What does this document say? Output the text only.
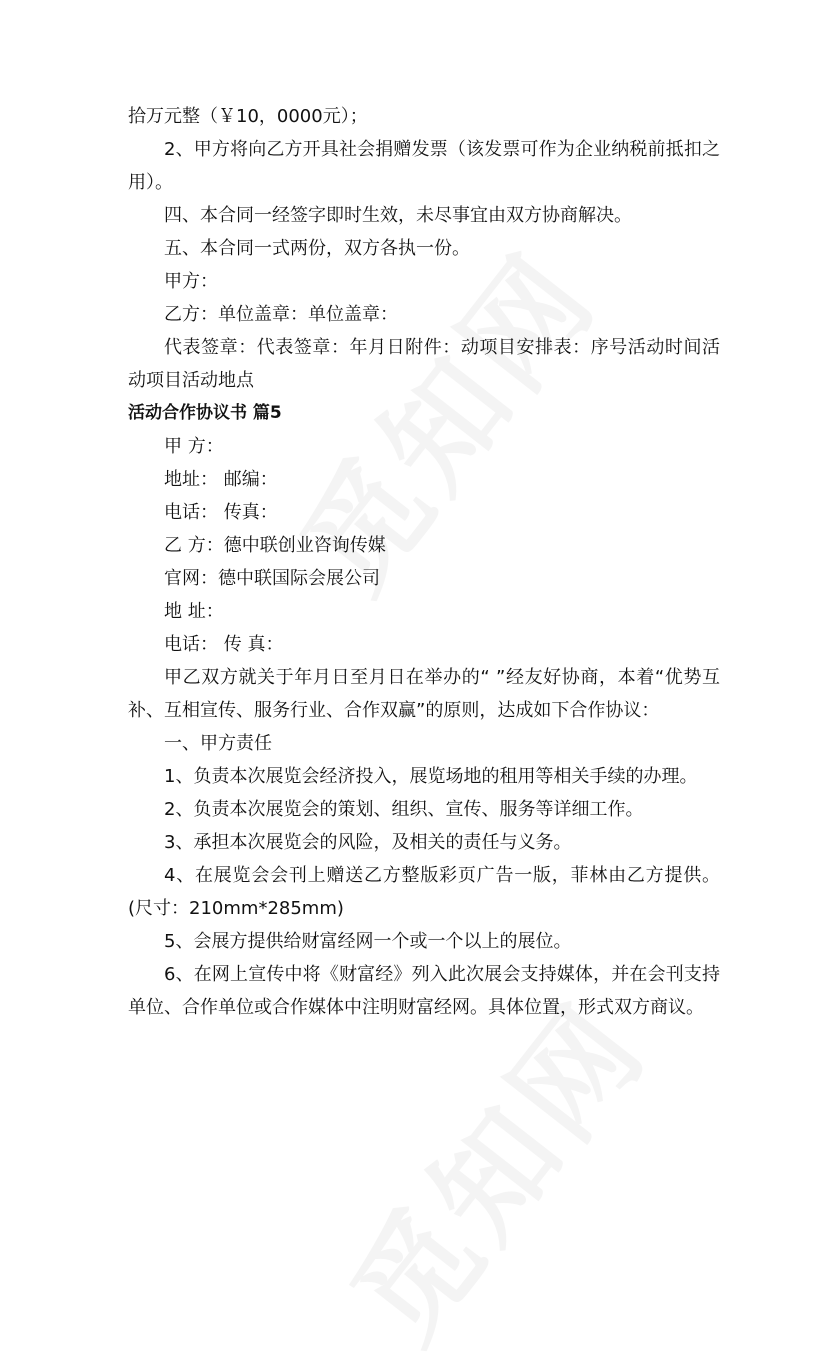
拾万元整（￥10，0000元）；

2、甲方将向乙方开具社会捐赠发票（该发票可作为企业纳税前抵扣之用）。

四、本合同一经签字即时生效，未尽事宜由双方协商解决。

五、本合同一式两份，双方各执一份。

甲方：

乙方：单位盖章：单位盖章：

代表签章：代表签章：年月日附件：动项目安排表：序号活动时间活动项目活动地点

活动合作协议书 篇5

甲 方：

地址： 邮编：

电话： 传真：

乙 方：德中联创业咨询传媒

官网：德中联国际会展公司

地 址：

电话： 传 真：

甲乙双方就关于年月日至月日在举办的“ ”经友好协商，本着“优势互补、互相宣传、服务行业、合作双赢”的原则，达成如下合作协议：

一、甲方责任

1、负责本次展览会经济投入，展览场地的租用等相关手续的办理。

2、负责本次展览会的策划、组织、宣传、服务等详细工作。

3、承担本次展览会的风险，及相关的责任与义务。

4、在展览会会刊上赠送乙方整版彩页广告一版，菲林由乙方提供。(尺寸：210mm*285mm)

5、会展方提供给财富经网一个或一个以上的展位。

6、在网上宣传中将《财富经》列入此次展会支持媒体，并在会刊支持单位、合作单位或合作媒体中注明财富经网。具体位置，形式双方商议。
